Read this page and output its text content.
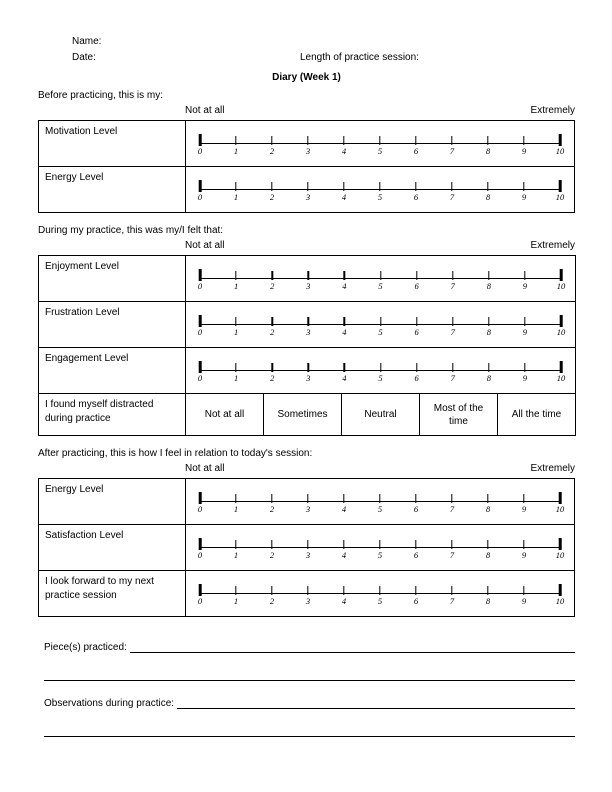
Name:
Date:	Length of practice session:
Diary (Week 1)
Before practicing, this is my:
Not at all	Extremely
Motivation Level	
0	1	2	3	4	5	6	7	8	9	10

Energy Level	
0	1	2	3	4	5	6	7	8	9	10
During my practice, this was my/I felt that:
Not at all	Extremely
Enjoyment Level	
0	1	2	3	4	5	6	7	8	9	10

Frustration Level	
0	1	2	3	4	5	6	7	8	9	10

Engagement Level	
0	1	2	3	4	5	6	7	8	9	10

I found myself distracted during practice	Not at all	Sometimes	Neutral	Most of the time	All the time
After practicing, this is how I feel in relation to today's session:
Not at all	Extremely
Energy Level	
0	1	2	3	4	5	6	7	8	9	10

Satisfaction Level	
0	1	2	3	4	5	6	7	8	9	10

I look forward to my next practice session	0	1	2	3	4	5	6	7	8	9	10
Piece(s) practiced:
Observations during practice:
